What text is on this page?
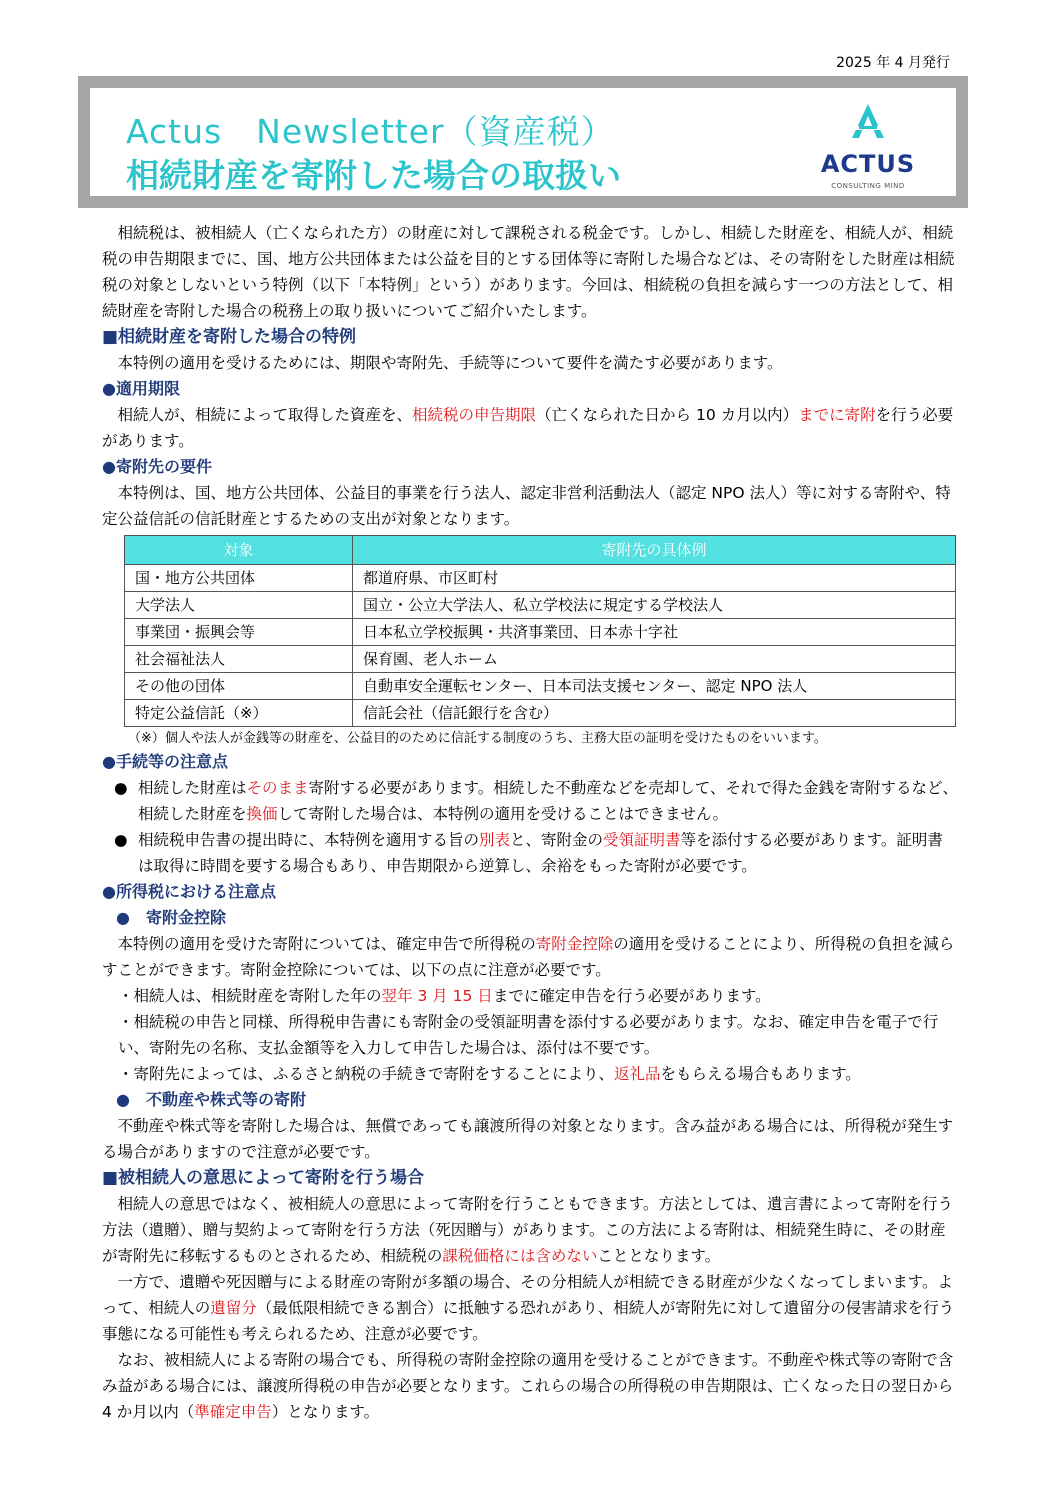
2025 年 4 月発行
Actus　Newsletter（資産税）
相続財産を寄附した場合の取扱い	ACTUS
CONSULTING MIND

相続税は、被相続人（亡くなられた方）の財産に対して課税される税金です。しかし、相続した財産を、相続人が、相続税の申告期限までに、国、地方公共団体または公益を目的とする団体等に寄附した場合などは、その寄附をした財産は相続税の対象としないという特例（以下「本特例」という）があります。今回は、相続税の負担を減らす一つの方法として、相続財産を寄附した場合の税務上の取り扱いについてご紹介いたします。

■相続財産を寄附した場合の特例

本特例の適用を受けるためには、期限や寄附先、手続等について要件を満たす必要があります。

●適用期限

相続人が、相続によって取得した資産を、相続税の申告期限（亡くなられた日から 10 カ月以内）までに寄附を行う必要があります。

●寄附先の要件

本特例は、国、地方公共団体、公益目的事業を行う法人、認定非営利活動法人（認定 NPO 法人）等に対する寄附や、特定公益信託の信託財産とするための支出が対象となります。

対象	寄附先の具体例
国・地方公共団体	都道府県、市区町村
大学法人	国立・公立大学法人、私立学校法に規定する学校法人
事業団・振興会等	日本私立学校振興・共済事業団、日本赤十字社
社会福祉法人	保育園、老人ホーム
その他の団体	自動車安全運転センター、日本司法支援センター、認定 NPO 法人
特定公益信託（※）	信託会社（信託銀行を含む）

（※）個人や法人が金銭等の財産を、公益目的のために信託する制度のうち、主務大臣の証明を受けたものをいいます。

●手続等の注意点
● 相続した財産はそのまま寄附する必要があります。相続した不動産などを売却して、それで得た金銭を寄附するなど、相続した財産を換価して寄附した場合は、本特例の適用を受けることはできません。
● 相続税申告書の提出時に、本特例を適用する旨の別表と、寄附金の受領証明書等を添付する必要があります。証明書は取得に時間を要する場合もあり、申告期限から逆算し、余裕をもった寄附が必要です。
●所得税における注意点
●　寄附金控除

本特例の適用を受けた寄附については、確定申告で所得税の寄附金控除の適用を受けることにより、所得税の負担を減らすことができます。寄附金控除については、以下の点に注意が必要です。

・相続人は、相続財産を寄附した年の翌年 3 月 15 日までに確定申告を行う必要があります。

・相続税の申告と同様、所得税申告書にも寄附金の受領証明書を添付する必要があります。なお、確定申告を電子で行い、寄附先の名称、支払金額等を入力して申告した場合は、添付は不要です。

・寄附先によっては、ふるさと納税の手続きで寄附をすることにより、返礼品をもらえる場合もあります。

●　不動産や株式等の寄附

不動産や株式等を寄附した場合は、無償であっても譲渡所得の対象となります。含み益がある場合には、所得税が発生する場合がありますので注意が必要です。

■被相続人の意思によって寄附を行う場合

相続人の意思ではなく、被相続人の意思によって寄附を行うこともできます。方法としては、遺言書によって寄附を行う方法（遺贈）、贈与契約よって寄附を行う方法（死因贈与）があります。この方法による寄附は、相続発生時に、その財産が寄附先に移転するものとされるため、相続税の課税価格には含めないこととなります。

一方で、遺贈や死因贈与による財産の寄附が多額の場合、その分相続人が相続できる財産が少なくなってしまいます。よって、相続人の遺留分（最低限相続できる割合）に抵触する恐れがあり、相続人が寄附先に対して遺留分の侵害請求を行う事態になる可能性も考えられるため、注意が必要です。

なお、被相続人による寄附の場合でも、所得税の寄附金控除の適用を受けることができます。不動産や株式等の寄附で含み益がある場合には、譲渡所得税の申告が必要となります。これらの場合の所得税の申告期限は、亡くなった日の翌日から 4 か月以内（準確定申告）となります。
